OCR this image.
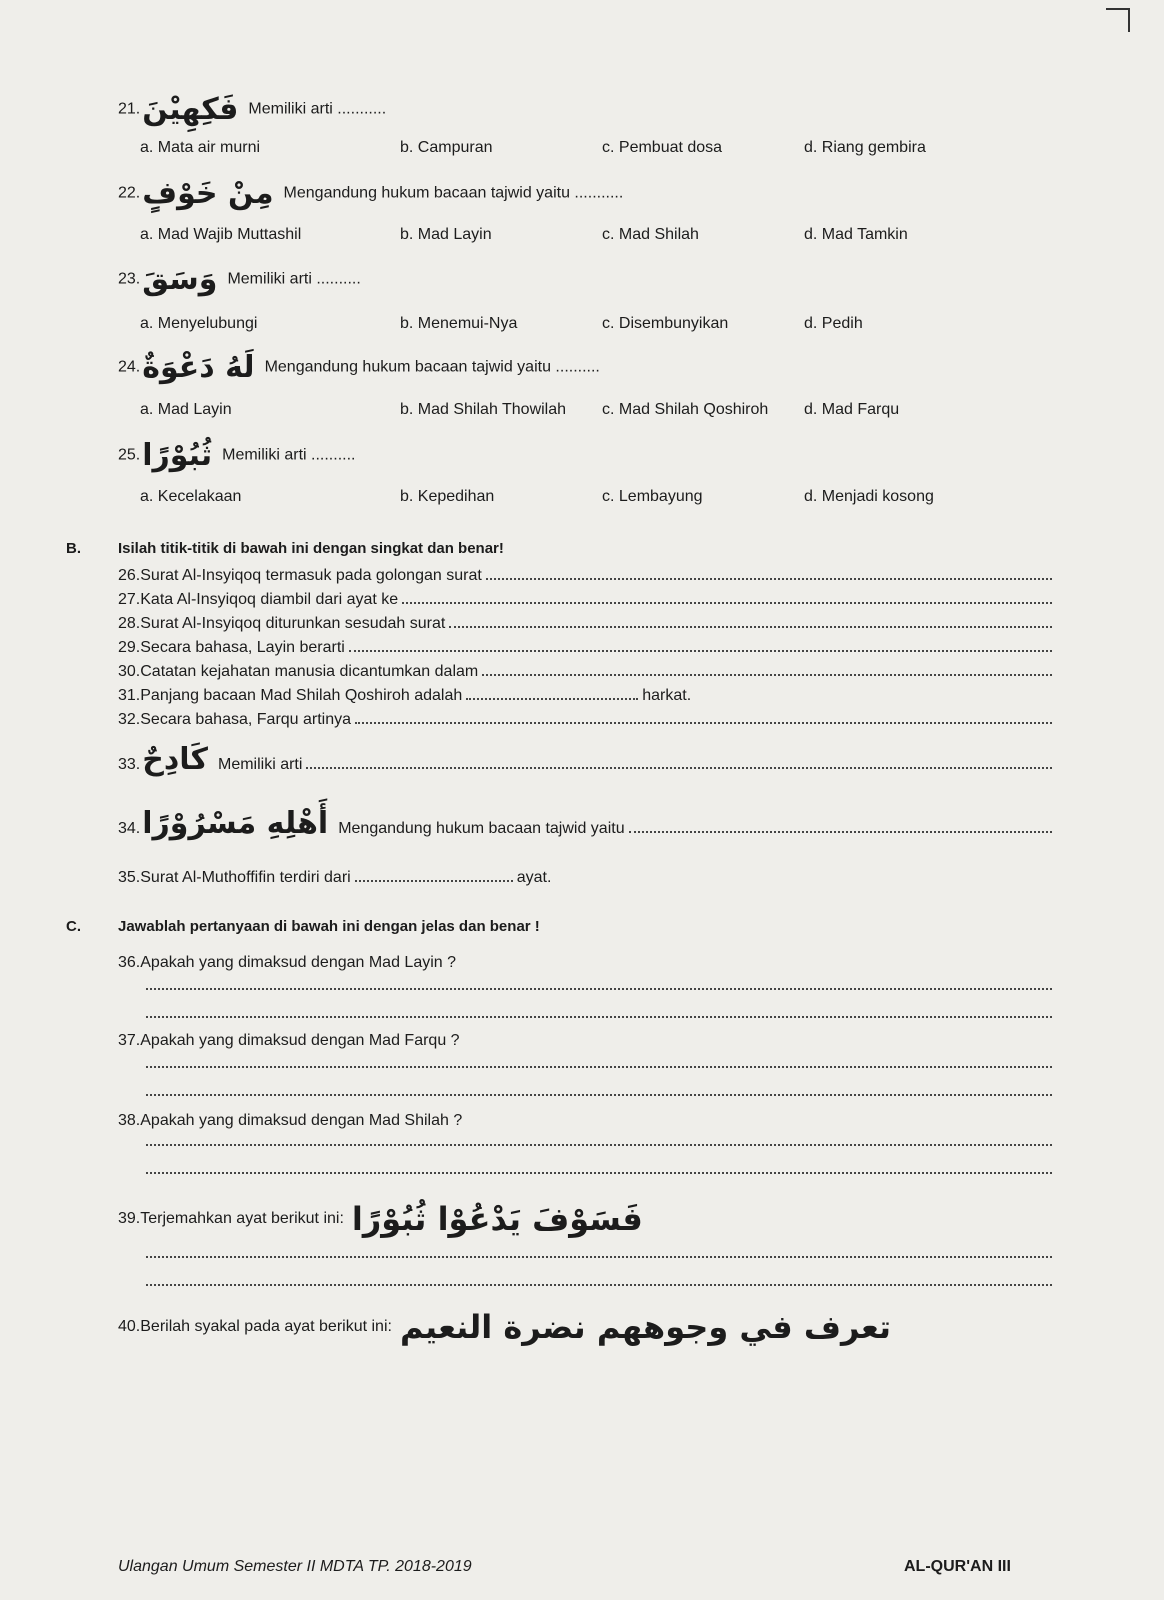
21.فَكِهِيْنَ Memiliki arti ...........
a. Mata air murni	b. Campuran	c. Pembuat dosa	d. Riang gembira
22.مِنْ خَوْفٍ Mengandung hukum bacaan tajwid yaitu ...........
a. Mad Wajib Muttashil	b. Mad Layin	c. Mad Shilah	d. Mad Tamkin
23.وَسَقَ Memiliki arti ..........
a. Menyelubungi	b. Menemui-Nya	c. Disembunyikan	d. Pedih
24.لَهُ دَعْوَةٌ Mengandung hukum bacaan tajwid yaitu ..........
a. Mad Layin	b. Mad Shilah Thowilah c. Mad Shilah Qoshiroh d. Mad Farqu
25.ثُبُوْرًا Memiliki arti ..........
a. Kecelakaan	b. Kepedihan	c. Lembayung	d. Menjadi kosong
B. Isilah titik-titik di bawah ini dengan singkat dan benar!
26.Surat Al-Insyiqoq termasuk pada golongan surat
27.Kata Al-Insyiqoq diambil dari ayat ke
28.Surat Al-Insyiqoq diturunkan sesudah surat
29.Secara bahasa, Layin berarti
30.Catatan kejahatan manusia dicantumkan dalam
31.Panjang bacaan Mad Shilah Qoshiroh adalah	harkat.
32.Secara bahasa, Farqu artinya
33. كَادِحٌ Memiliki arti
34. أَهْلِهِ مَسْرُوْرًا Mengandung hukum bacaan tajwid yaitu
35.Surat Al-Muthoffifin terdiri dari	ayat.
C. Jawablah pertanyaan di bawah ini dengan jelas dan benar !
36.Apakah yang dimaksud dengan Mad Layin ?
37.Apakah yang dimaksud dengan Mad Farqu ?
38.Apakah yang dimaksud dengan Mad Shilah ?
39.Terjemahkan ayat berikut ini: فَسَوْفَ يَدْعُوْا ثُبُوْرًا
40.Berilah syakal pada ayat berikut ini: تعرف في وجوههم نضرة النعيم
Ulangan Umum Semester II MDTA TP. 2018-2019	AL-QUR'AN III
